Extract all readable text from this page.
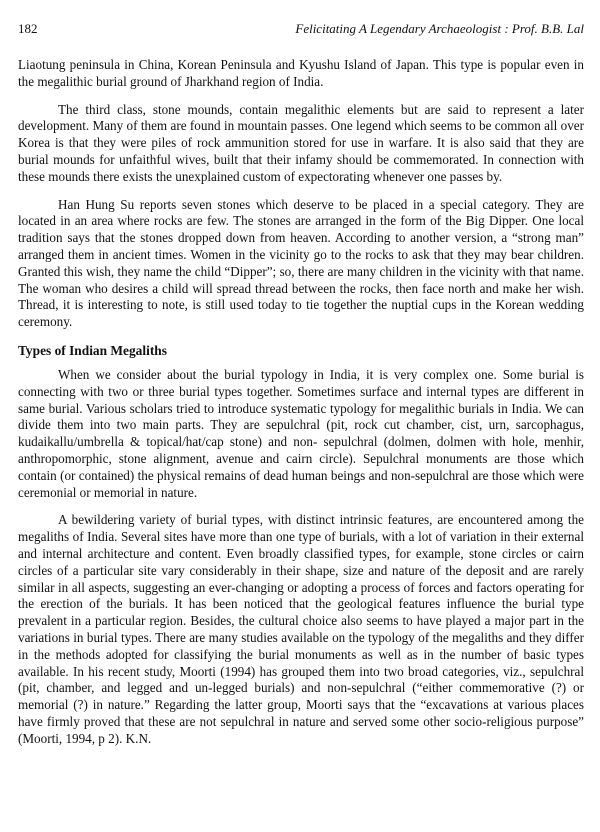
182	Felicitating A Legendary Archaeologist : Prof. B.B. Lal

Liaotung peninsula in China, Korean Peninsula and Kyushu Island of Japan. This type is popular even in the megalithic burial ground of Jharkhand region of India.

The third class, stone mounds, contain megalithic elements but are said to represent a later development. Many of them are found in mountain passes. One legend which seems to be common all over Korea is that they were piles of rock ammunition stored for use in warfare. It is also said that they are burial mounds for unfaithful wives, built that their infamy should be commemorated. In connection with these mounds there exists the unexplained custom of expectorating whenever one passes by.

Han Hung Su reports seven stones which deserve to be placed in a special category. They are located in an area where rocks are few. The stones are arranged in the form of the Big Dipper. One local tradition says that the stones dropped down from heaven. According to another version, a “strong man” arranged them in ancient times. Women in the vicinity go to the rocks to ask that they may bear children. Granted this wish, they name the child “Dipper”; so, there are many children in the vicinity with that name. The woman who desires a child will spread thread between the rocks, then face north and make her wish. Thread, it is interesting to note, is still used today to tie together the nuptial cups in the Korean wedding ceremony.

Types of Indian Megaliths

When we consider about the burial typology in India, it is very complex one. Some burial is connecting with two or three burial types together. Sometimes surface and internal types are different in same burial. Various scholars tried to introduce systematic typology for megalithic burials in India. We can divide them into two main parts. They are sepulchral (pit, rock cut chamber, cist, urn, sarcophagus, kudaikallu/umbrella & topical/hat/cap stone) and non- sepulchral (dolmen, dolmen with hole, menhir, anthropomorphic, stone alignment, avenue and cairn circle). Sepulchral monuments are those which contain (or contained) the physical remains of dead human beings and non-sepulchral are those which were ceremonial or memorial in nature.

A bewildering variety of burial types, with distinct intrinsic features, are encountered among the megaliths of India. Several sites have more than one type of burials, with a lot of variation in their external and internal architecture and content. Even broadly classified types, for example, stone circles or cairn circles of a particular site vary considerably in their shape, size and nature of the deposit and are rarely similar in all aspects, suggesting an ever-changing or adopting a process of forces and factors operating for the erection of the burials. It has been noticed that the geological features influence the burial type prevalent in a particular region. Besides, the cultural choice also seems to have played a major part in the variations in burial types. There are many studies available on the typology of the megaliths and they differ in the methods adopted for classifying the burial monuments as well as in the number of basic types available. In his recent study, Moorti (1994) has grouped them into two broad categories, viz., sepulchral (pit, chamber, and legged and un-legged burials) and non-sepulchral (“either commemorative (?) or memorial (?) in nature.” Regarding the latter group, Moorti says that the “excavations at various places have firmly proved that these are not sepulchral in nature and served some other socio-religious purpose” (Moorti, 1994, p 2). K.N.
